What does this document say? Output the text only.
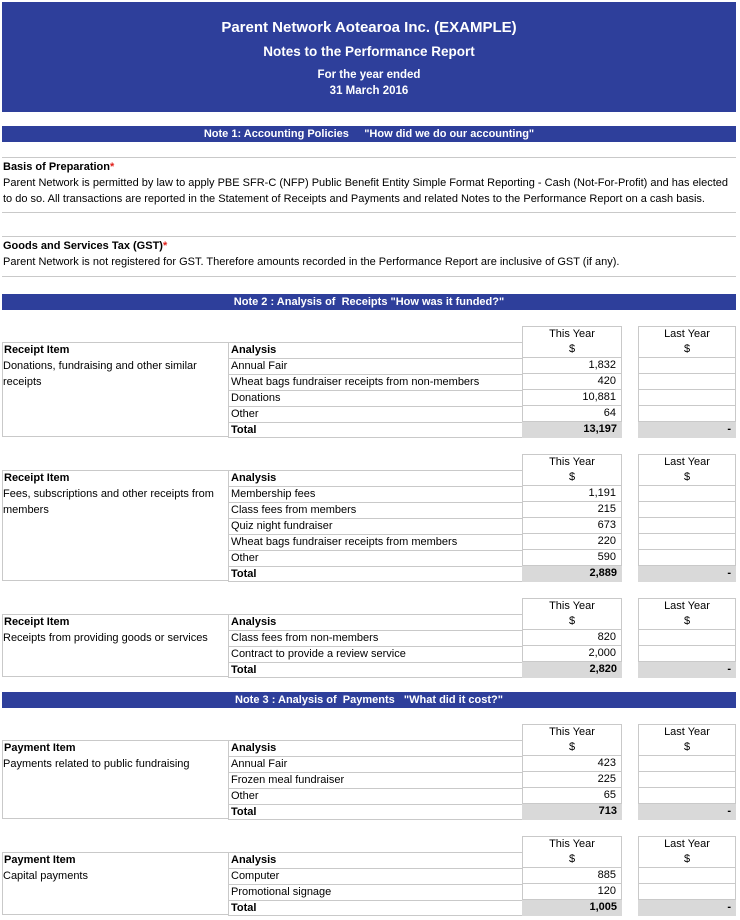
Parent Network Aotearoa Inc. (EXAMPLE)
Notes to the Performance Report
For the year ended
31 March 2016
Note 1: Accounting Policies     "How did we do our accounting"
Basis of Preparation*
Parent Network is permitted by law to apply PBE SFR-C (NFP) Public Benefit Entity Simple Format Reporting - Cash (Not-For-Profit) and has elected to do so. All transactions are reported in the Statement of Receipts and Payments and related Notes to the Performance Report on a cash basis.
Goods and Services Tax (GST)*
Parent Network is not registered for GST. Therefore amounts recorded in the Performance Report are inclusive of GST (if any).
Note 2 : Analysis of  Receipts "How was it funded?"
Note 3 : Analysis of  Payments   "What did it cost?"
This Year	Last Year
Receipt Item	Analysis	$	$
Donations, fundraising and other similar receipts
Annual Fair	1,832
Wheat bags fundraiser receipts from non-members	420
Donations	10,881
Other	64
Total	13,197	-
This Year	Last Year
Receipt Item	Analysis	$	$
Fees, subscriptions and other receipts from members
Membership fees	1,191
Class fees from members	215
Quiz night fundraiser	673
Wheat bags fundraiser receipts from members	220
Other	590
Total	2,889	-
This Year	Last Year
Receipt Item	Analysis	$	$
Receipts from providing goods or services	Class fees from non-members	820
Contract to provide a review service	2,000
Total	2,820	-
This Year	Last Year
Payment Item	Analysis	$	$
Payments related to public fundraising	Annual Fair	423
Frozen meal fundraiser	225
Other	65
Total	713	-
This Year	Last Year
Payment Item	Analysis	$	$
Capital payments	Computer	885
Promotional signage	120
Total	1,005	-
